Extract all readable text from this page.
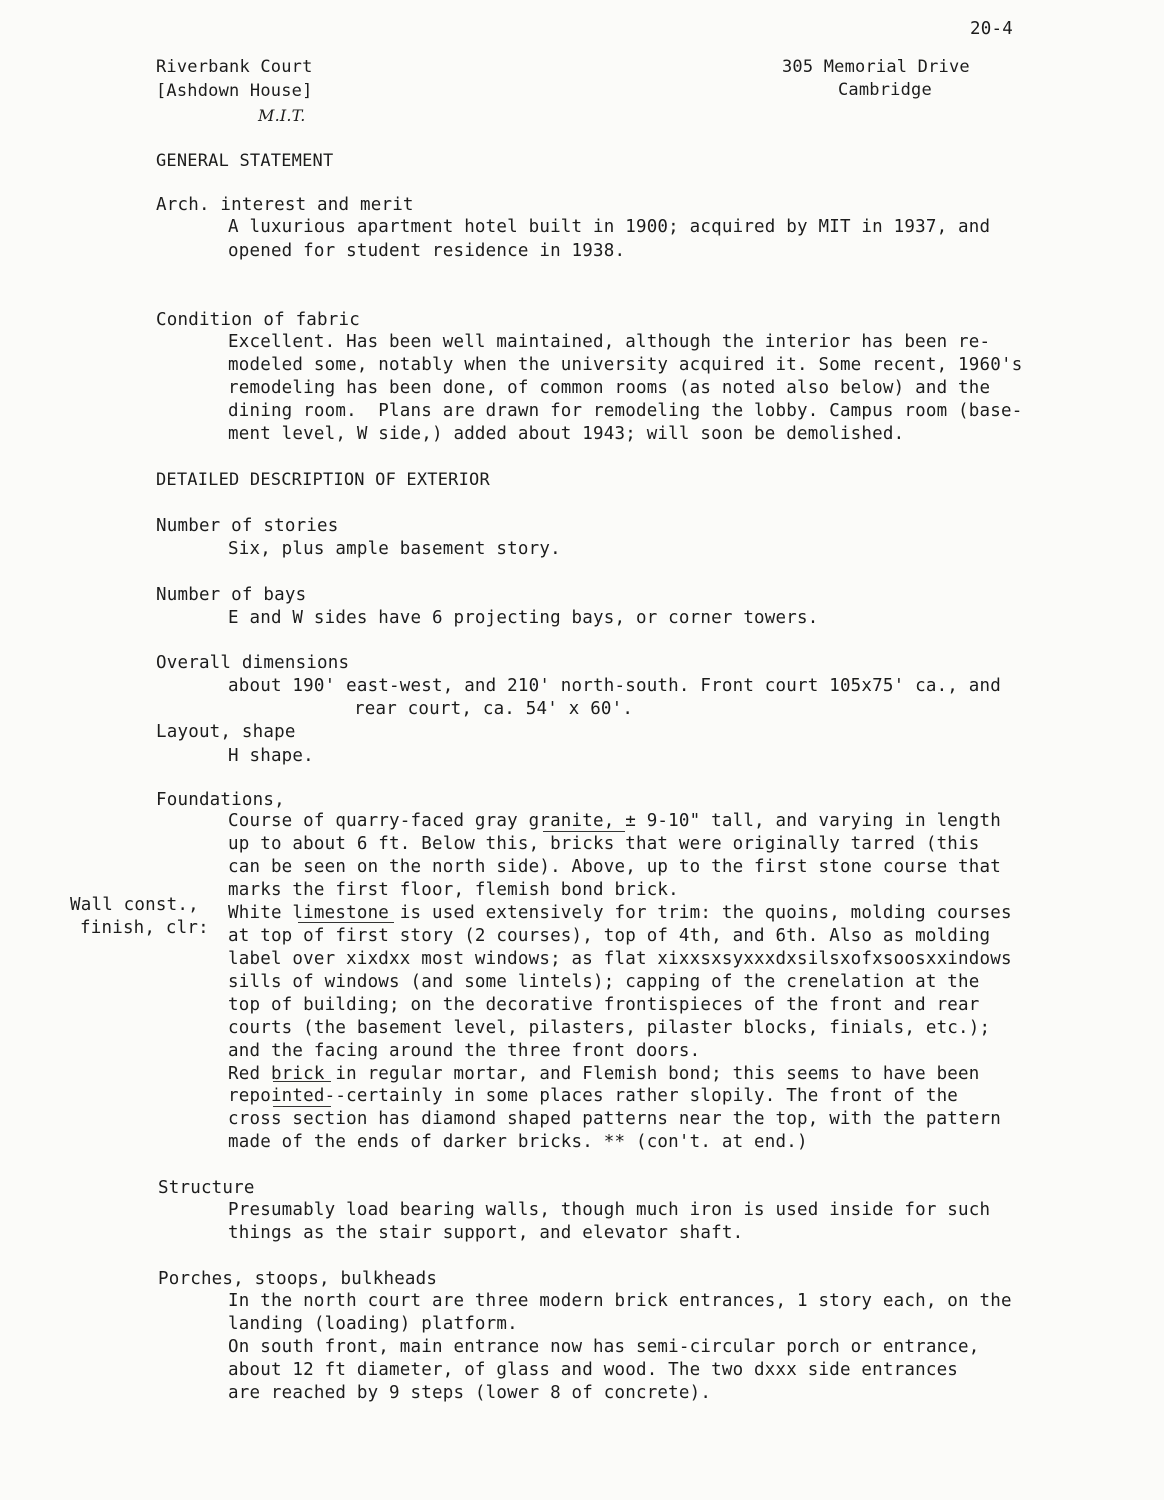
20-4
Riverbank Court
[Ashdown House]
M.I.T.
305 Memorial Drive
Cambridge
GENERAL STATEMENT
Arch. interest and merit
A luxurious apartment hotel built in 1900; acquired by MIT in 1937, and
opened for student residence in 1938.
Condition of fabric
Excellent. Has been well maintained, although the interior has been re-
modeled some, notably when the university acquired it. Some recent, 1960's
remodeling has been done, of common rooms (as noted also below) and the
dining room.  Plans are drawn for remodeling the lobby. Campus room (base-
ment level, W side,) added about 1943; will soon be demolished.
DETAILED DESCRIPTION OF EXTERIOR
Number of stories
Six, plus ample basement story.
Number of bays
E and W sides have 6 projecting bays, or corner towers.
Overall dimensions
about 190' east-west, and 210' north-south. Front court 105x75' ca., and
rear court, ca. 54' x 60'.
Layout, shape
H shape.
Foundations,
Course of quarry-faced gray granite, ± 9-10" tall, and varying in length
up to about 6 ft. Below this, bricks that were originally tarred (this
can be seen on the north side). Above, up to the first stone course that
marks the first floor, flemish bond brick.
Wall const.,
finish, clr:
White limestone is used extensively for trim: the quoins, molding courses
at top of first story (2 courses), top of 4th, and 6th. Also as molding
label over xixdxx most windows; as flat xixxsxsyxxxdxsilsxofxsoosxxindows
sills of windows (and some lintels); capping of the crenelation at the
top of building; on the decorative frontispieces of the front and rear
courts (the basement level, pilasters, pilaster blocks, finials, etc.);
and the facing around the three front doors.
Red brick in regular mortar, and Flemish bond; this seems to have been
repointed--certainly in some places rather slopily. The front of the
cross section has diamond shaped patterns near the top, with the pattern
made of the ends of darker bricks. ** (con't. at end.)
Structure
Presumably load bearing walls, though much iron is used inside for such
things as the stair support, and elevator shaft.
Porches, stoops, bulkheads
In the north court are three modern brick entrances, 1 story each, on the
landing (loading) platform.
On south front, main entrance now has semi-circular porch or entrance,
about 12 ft diameter, of glass and wood. The two dxxx side entrances
are reached by 9 steps (lower 8 of concrete).
